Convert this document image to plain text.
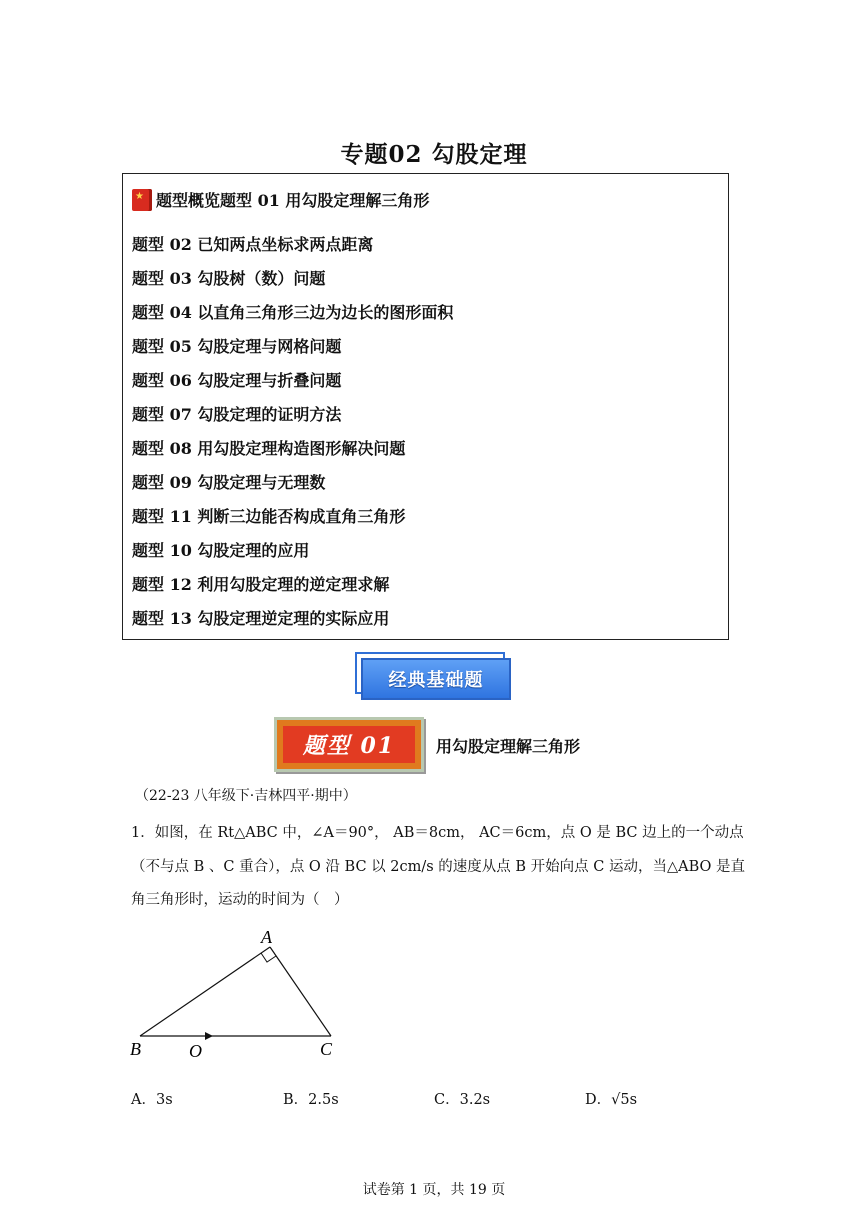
专题02 勾股定理
★
题型概览 题型 01 用勾股定理解三角形
题型 02 已知两点坐标求两点距离
题型 03 勾股树（数）问题
题型 04 以直角三角形三边为边长的图形面积
题型 05 勾股定理与网格问题
题型 06 勾股定理与折叠问题
题型 07 勾股定理的证明方法
题型 08 用勾股定理构造图形解决问题
题型 09 勾股定理与无理数
题型 11 判断三边能否构成直角三角形
题型 10 勾股定理的应用
题型 12 利用勾股定理的逆定理求解
题型 13 勾股定理逆定理的实际应用
经典基础题
题型 01	用勾股定理解三角形
（22-23 八年级下·吉林四平·期中）
1．如图，在 Rt△ABC 中，∠A＝90°， AB＝8cm， AC＝6cm，点 O 是 BC 边上的一个动点
（不与点 B 、C 重合），点 O 沿 BC 以 2cm/s 的速度从点 B 开始向点 C 运动，当△ABO 是直
角三角形时，运动的时间为（　）
A
B	C
O
A．3s	B．2.5s	C．3.2s	D．√5s
试卷第 1 页，共 19 页
